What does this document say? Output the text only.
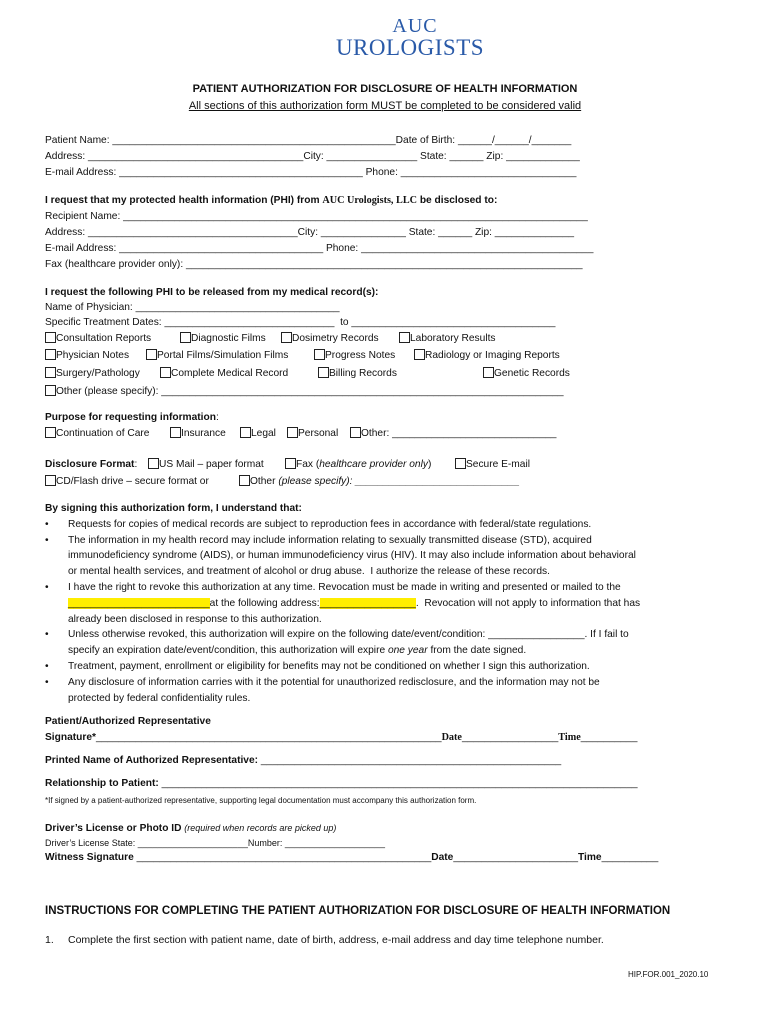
AUC
UROLOGISTS
PATIENT AUTHORIZATION FOR DISCLOSURE OF HEALTH INFORMATION
All sections of this authorization form MUST be completed to be considered valid
Patient Name: __________________________________________________Date of Birth: ______/______/_______
Address: ______________________________________City: ________________ State: ______ Zip: _____________
E-mail Address: ___________________________________________ Phone: _______________________________
I request that my protected health information (PHI) from AUC Urologists, LLC be disclosed to:
Recipient Name: __________________________________________________________________________________
Address: _____________________________________City: _______________ State: ______ Zip: ______________
E-mail Address: ____________________________________ Phone: _________________________________________
Fax (healthcare provider only): ______________________________________________________________________
I request the following PHI to be released from my medical record(s):
Name of Physician: ____________________________________
Specific Treatment Dates: ______________________________  to ____________________________________
Consultation Reports	Diagnostic Films	Dosimetry Records	Laboratory Results
Physician Notes	Portal Films/Simulation Films	Progress Notes	Radiology or Imaging Reports
Surgery/Pathology	Complete Medical Record	Billing Records	Genetic Records
Other (please specify): _______________________________________________________________________
Purpose for requesting information:
Continuation of Care	Insurance	Legal	Personal	Other: _____________________________
Disclosure Format:	US Mail – paper format	Fax (healthcare provider only)	Secure E-mail
CD/Flash drive – secure format or	Other (please specify): _____________________________
By signing this authorization form, I understand that:
• Requests for copies of medical records are subject to reproduction fees in accordance with federal/state regulations.
• The information in my health record may include information relating to sexually transmitted disease (STD), acquired
immunodeficiency syndrome (AIDS), or human immunodeficiency virus (HIV). It may also include information about behavioral
or mental health services, and treatment of alcohol or drug abuse.  I authorize the release of these records.
• I have the right to revoke this authorization at any time. Revocation must be made in writing and presented or mailed to the
_________________________at the following address:_________________.  Revocation will not apply to information that has
already been disclosed in response to this authorization.
• Unless otherwise revoked, this authorization will expire on the following date/event/condition: _________________. If I fail to
specify an expiration date/event/condition, this authorization will expire one year from the date signed.
• Treatment, payment, enrollment or eligibility for benefits may not be conditioned on whether I sign this authorization.
• Any disclosure of information carries with it the potential for unauthorized redisclosure, and the information may not be
protected by federal confidentiality rules.
Patient/Authorized Representative
Signature*_____________________________________________________________Date_________________Time__________
Printed Name of Authorized Representative: _____________________________________________________
Relationship to Patient: ____________________________________________________________________________________
*If signed by a patient-authorized representative, supporting legal documentation must accompany this authorization form.
Driver’s License or Photo ID (required when records are picked up)
Driver’s License State: ______________________Number: ____________________
Witness Signature ____________________________________________________Date______________________Time__________
INSTRUCTIONS FOR COMPLETING THE PATIENT AUTHORIZATION FOR DISCLOSURE OF HEALTH INFORMATION
1. Complete the first section with patient name, date of birth, address, e-mail address and day time telephone number.
HIP.FOR.001_2020.10
